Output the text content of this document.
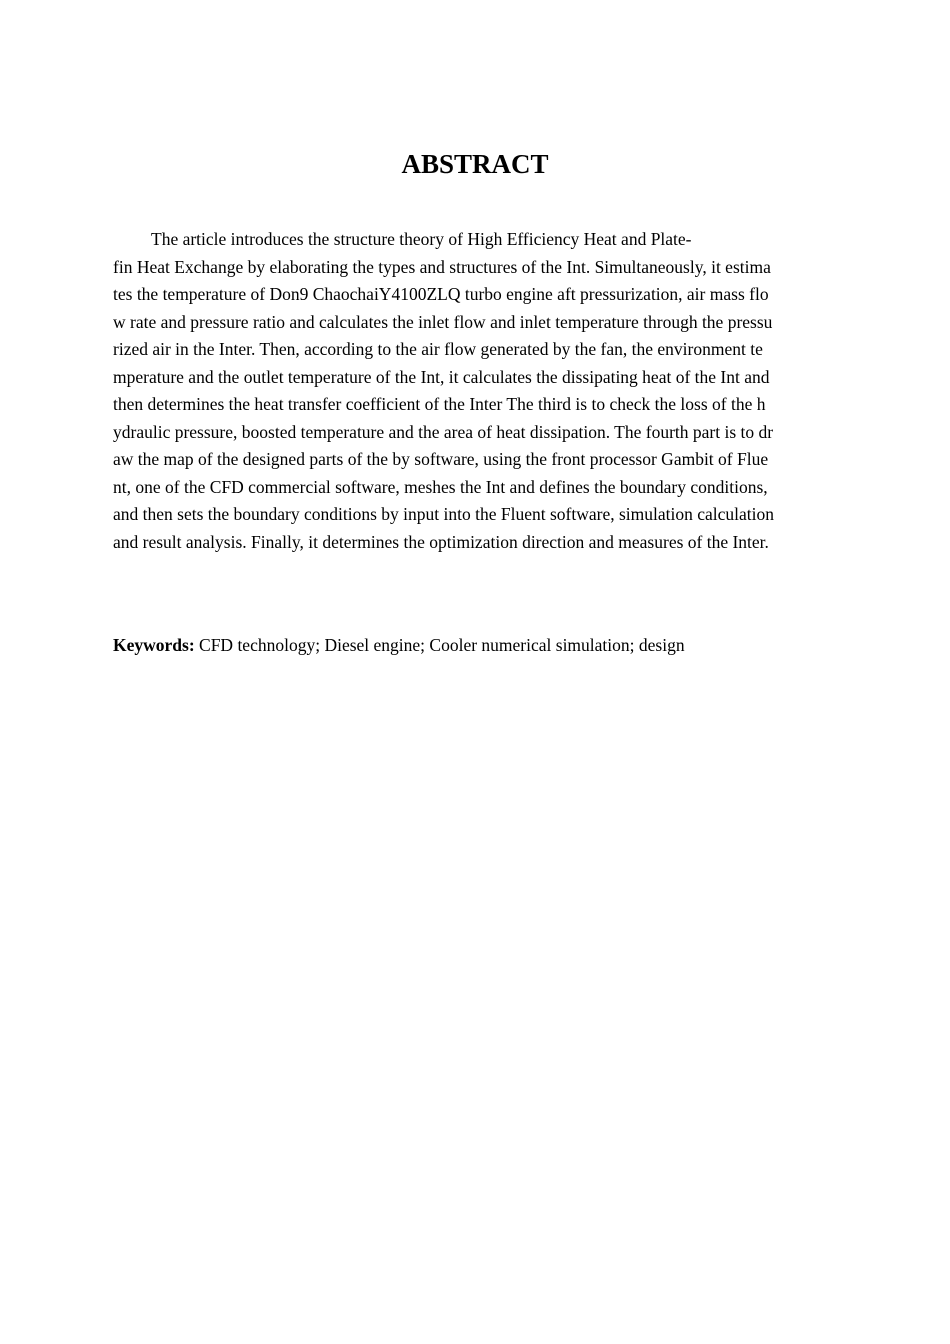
ABSTRACT
The article introduces the structure theory of High Efficiency Heat and Plate-
fin Heat Exchange by elaborating the types and structures of the Int. Simultaneously, it estima
tes the temperature of Don9 ChaochaiY4100ZLQ turbo engine aft pressurization, air mass flo
w rate and pressure ratio and calculates the inlet flow and inlet temperature through the pressu
rized air in the Inter. Then, according to the air flow generated by the fan, the environment te
mperature and the outlet temperature of the Int, it calculates the dissipating heat of the Int and
then determines the heat transfer coefficient of the Inter The third is to check the loss of the h
ydraulic pressure, boosted temperature and the area of heat dissipation. The fourth part is to dr
aw the map of the designed parts of the by software, using the front processor Gambit of Flue
nt, one of the CFD commercial software, meshes the Int and defines the boundary conditions,
and then sets the boundary conditions by input into the Fluent software, simulation calculation
and result analysis. Finally, it determines the optimization direction and measures of the Inter.

Keywords: CFD technology; Diesel engine; Cooler numerical simulation; design
